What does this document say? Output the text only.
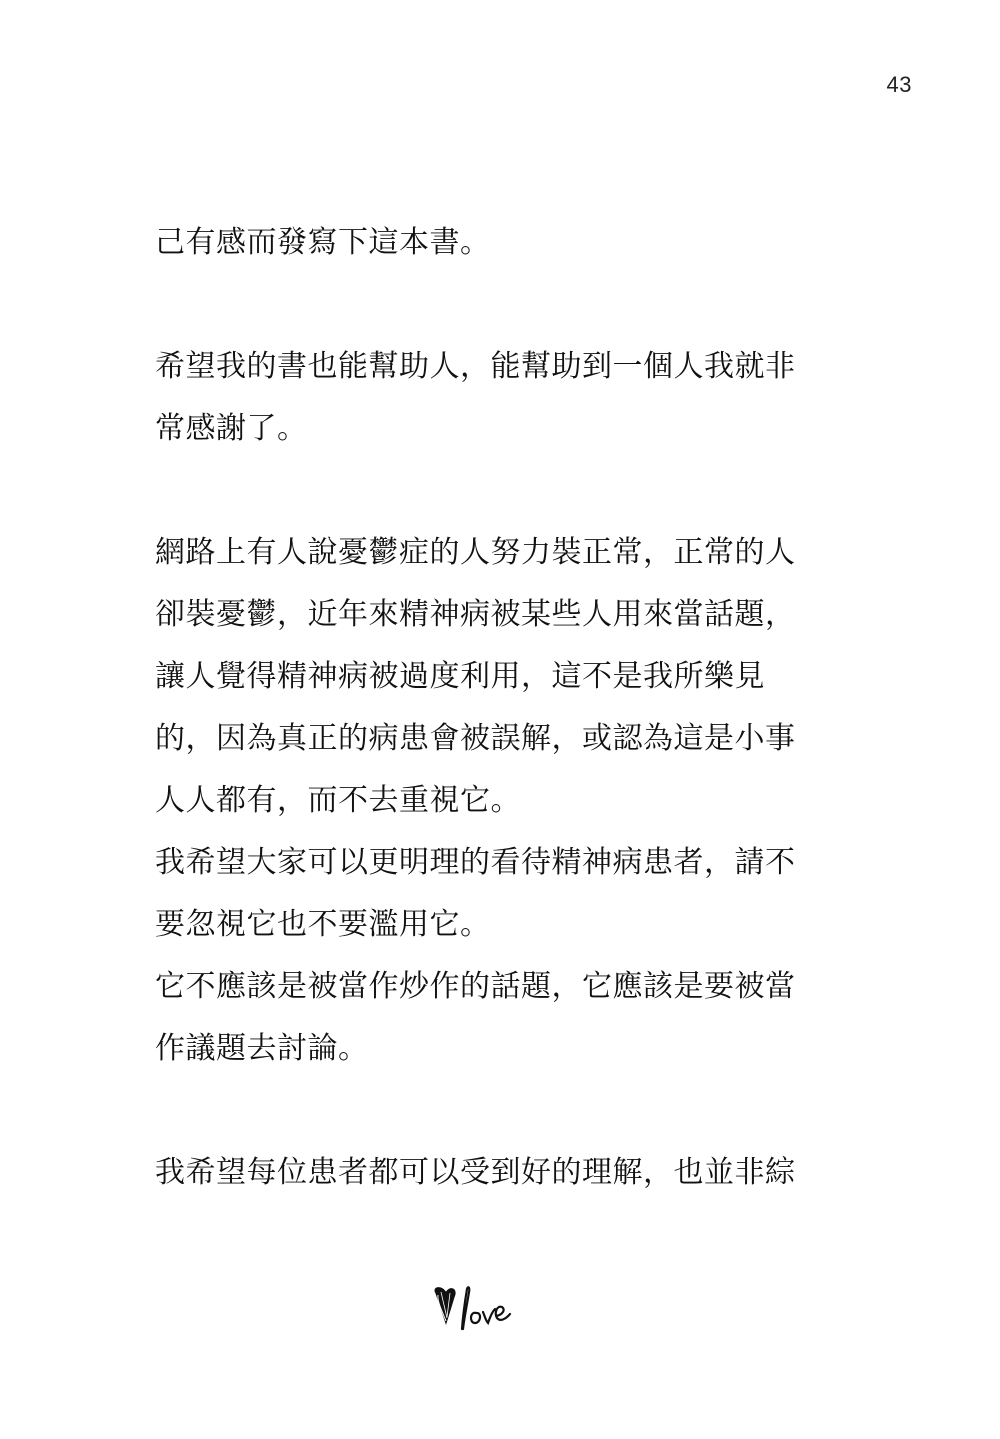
43
己有感而發寫下這本書。
希望我的書也能幫助人，能幫助到一個人我就非
常感謝了。
網路上有人說憂鬱症的人努力裝正常，正常的人
卻裝憂鬱，近年來精神病被某些人用來當話題，
讓人覺得精神病被過度利用，這不是我所樂見
的，因為真正的病患會被誤解，或認為這是小事
人人都有，而不去重視它。
我希望大家可以更明理的看待精神病患者，請不
要忽視它也不要濫用它。
它不應該是被當作炒作的話題，它應該是要被當
作議題去討論。
我希望每位患者都可以受到好的理解，也並非綜
